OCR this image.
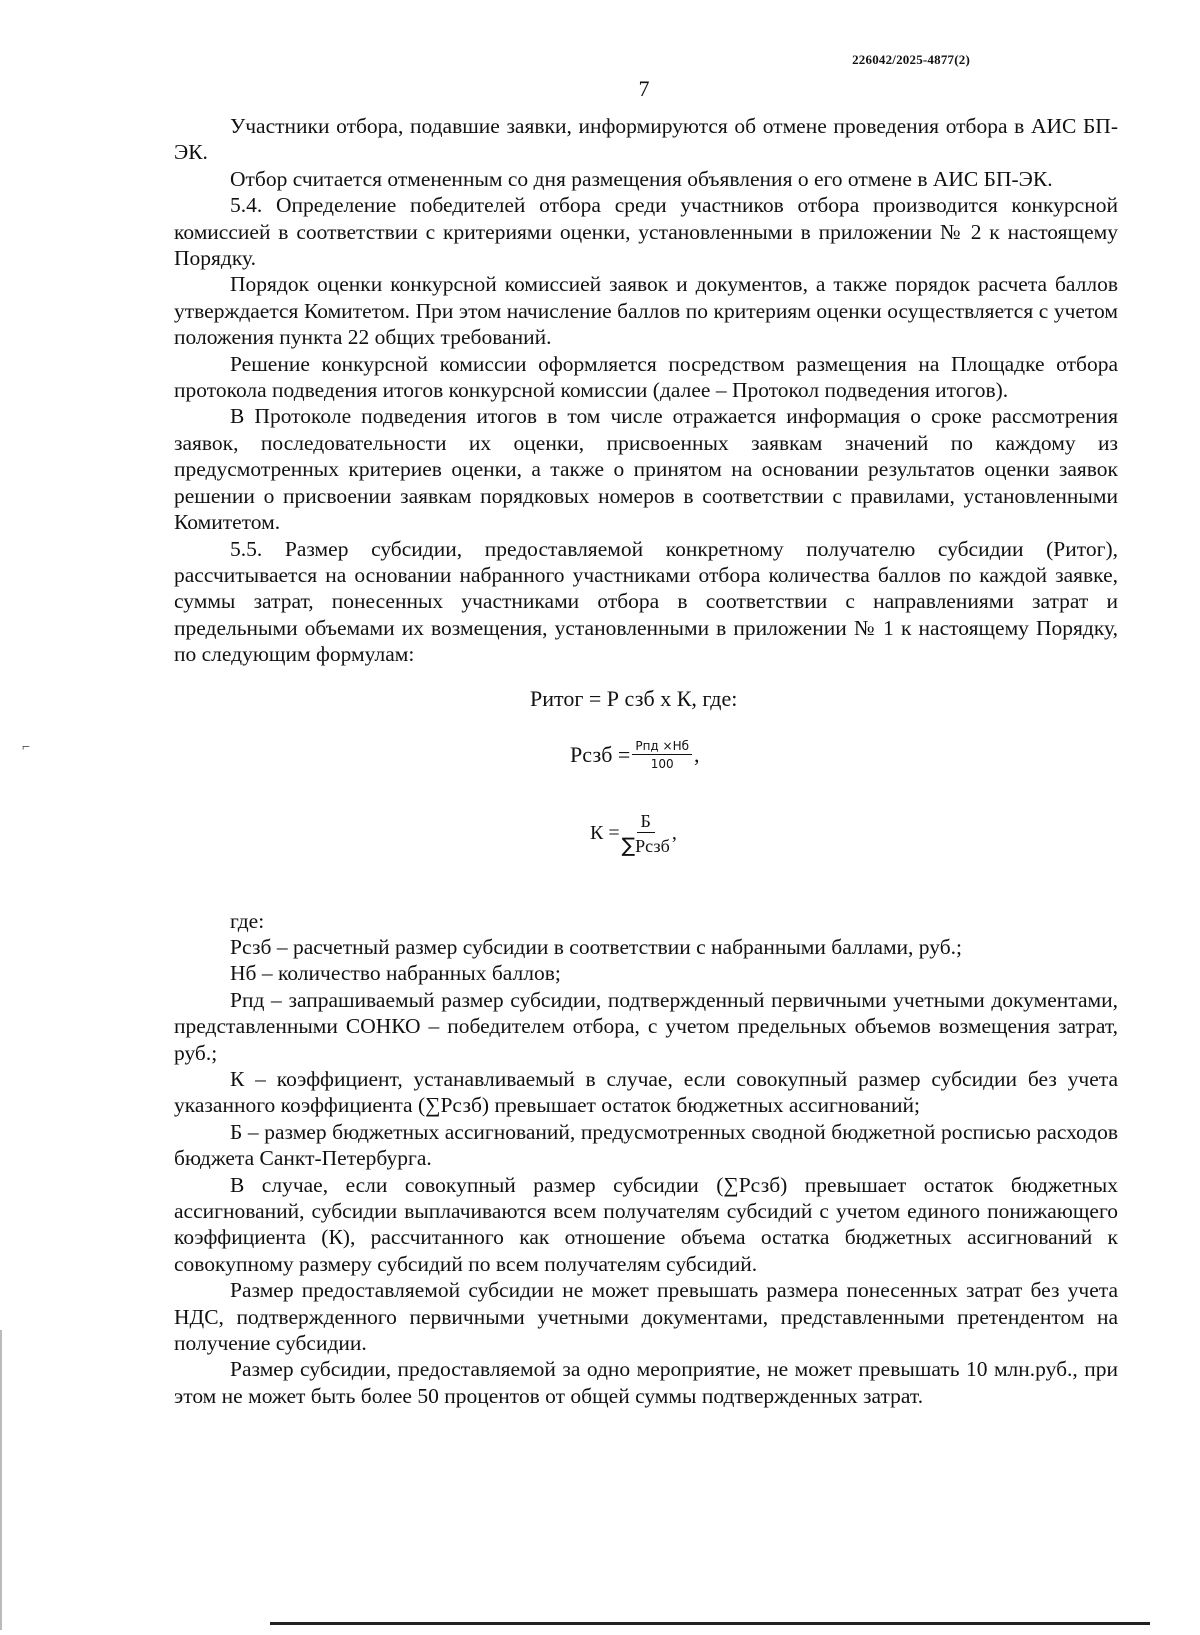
226042/2025-4877(2)
7

Участники отбора, подавшие заявки, информируются об отмене проведения отбора в АИС БП-ЭК.

Отбор считается отмененным со дня размещения объявления о его отмене в АИС БП-ЭК.

5.4. Определение победителей отбора среди участников отбора производится конкурсной комиссией в соответствии с критериями оценки, установленными в приложении № 2 к настоящему Порядку.

Порядок оценки конкурсной комиссией заявок и документов, а также порядок расчета баллов утверждается Комитетом. При этом начисление баллов по критериям оценки осуществляется с учетом положения пункта 22 общих требований.

Решение конкурсной комиссии оформляется посредством размещения на Площадке отбора протокола подведения итогов конкурсной комиссии (далее – Протокол подведения итогов).

В Протоколе подведения итогов в том числе отражается информация о сроке рассмотрения заявок, последовательности их оценки, присвоенных заявкам значений по каждому из предусмотренных критериев оценки, а также о принятом на основании результатов оценки заявок решении о присвоении заявкам порядковых номеров в соответствии с правилами, установленными Комитетом.

5.5. Размер субсидии, предоставляемой конкретному получателю субсидии (Ритог), рассчитывается на основании набранного участниками отбора количества баллов по каждой заявке, суммы затрат, понесенных участниками отбора в соответствии с направлениями затрат и предельными объемами их возмещения, установленными в приложении № 1 к настоящему Порядку, по следующим формулам:

Ритог = Р сзб х К, где:
Рсзб = $\frac{\text{Рпд ×Нб}}{100}$ ,
$К = \frac{Б}{\text{∑Рсзб}}$ ,

где:

Рсзб – расчетный размер субсидии в соответствии с набранными баллами, руб.;

Нб – количество набранных баллов;

Рпд – запрашиваемый размер субсидии, подтвержденный первичными учетными документами, представленными СОНКО – победителем отбора, с учетом предельных объемов возмещения затрат, руб.;

К – коэффициент, устанавливаемый в случае, если совокупный размер субсидии без учета указанного коэффициента (∑Рсзб) превышает остаток бюджетных ассигнований;

Б – размер бюджетных ассигнований, предусмотренных сводной бюджетной росписью расходов бюджета Санкт-Петербурга.

В случае, если совокупный размер субсидии (∑Рсзб) превышает остаток бюджетных ассигнований, субсидии выплачиваются всем получателям субсидий с учетом единого понижающего коэффициента (К), рассчитанного как отношение объема остатка бюджетных ассигнований к совокупному размеру субсидий по всем получателям субсидий.

Размер предоставляемой субсидии не может превышать размера понесенных затрат без учета НДС, подтвержденного первичными учетными документами, представленными претендентом на получение субсидии.

Размер субсидии, предоставляемой за одно мероприятие, не может превышать 10 млн.руб., при этом не может быть более 50 процентов от общей суммы подтвержденных затрат.

⌐
